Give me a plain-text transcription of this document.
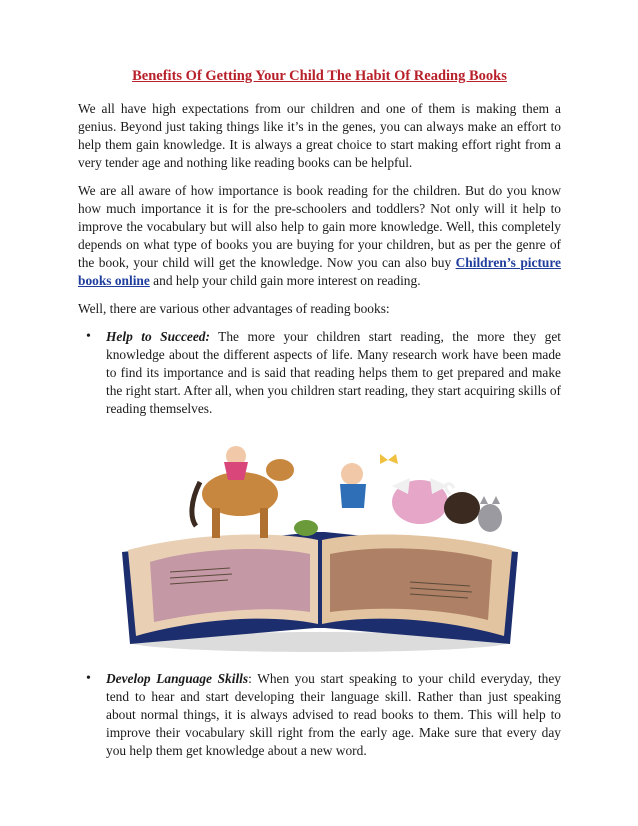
Benefits Of Getting Your Child The Habit Of Reading Books

We all have high expectations from our children and one of them is making them a genius. Beyond just taking things like it’s in the genes, you can always make an effort to help them gain knowledge. It is always a great choice to start making effort right from a very tender age and nothing like reading books can be helpful.

We are all aware of how importance is book reading for the children. But do you know how much importance it is for the pre-schoolers and toddlers? Not only will it help to improve the vocabulary but will also help to gain more knowledge. Well, this completely depends on what type of books you are buying for your children, but as per the genre of the book, your child will get the knowledge. Now you can also buy Children’s picture books online and help your child gain more interest on reading.

Well, there are various other advantages of reading books:

• Help to Succeed: The more your children start reading, the more they get knowledge about the different aspects of life. Many research work have been made to find its importance and is said that reading helps them to get prepared and make the right start. After all, when you children start reading, they start acquiring skills of reading themselves.

• Develop Language Skills: When you start speaking to your child everyday, they tend to hear and start developing their language skill. Rather than just speaking about normal things, it is always advised to read books to them. This will help to improve their vocabulary skill right from the early age. Make sure that every day you help them get knowledge about a new word.
